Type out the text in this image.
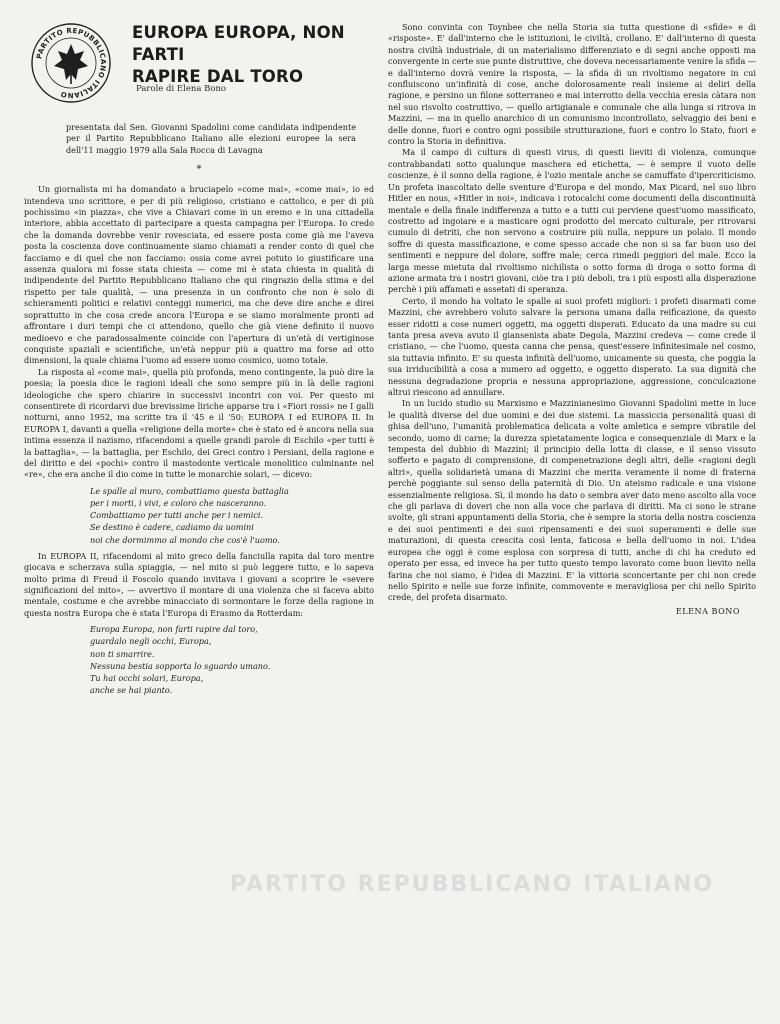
PARTITO REPUBBLICANO ITALIANO
EUROPA EUROPA, NON FARTI
RAPIRE DAL TORO
Parole di Elena Bono

presentata dal Sen. Giovanni Spadolini come candidata indipendente per il Partito Repubblicano Italiano alle elezioni europee la sera dell'11 maggio 1979 alla Sala Rocca di Lavagna

*

Un giornalista mi ha domandato a bruciapelo «come mai», «come mai», io ed intendeva uno scrittore, e per di più religioso, cristiano e cattolico, e per di più pochissimo «in piazza», che vive a Chiavari come in un eremo e in una cittadella interiore, abbia accettato di partecipare a questa campagna per l'Europa. Io credo che la domanda dovrebbe venir rovesciata, ed essere posta come già me l'aveva posta la coscienza dove continuamente siamo chiamati a render conto di quel che facciamo e di quel che non facciamo: ossia come avrei potuto io giustificare una assenza qualora mi fosse stata chiesta — come mi è stata chiesta in qualità di indipendente del Partito Repubblicano Italiano che qui ringrazio della stima e del rispetto per tale qualità, — una presenza in un confronto che non è solo di schieramenti politici e relativi conteggi numerici, ma che deve dire anche e direi soprattutto in che cosa crede ancora l'Europa e se siamo moralmente pronti ad affrontare i duri tempi che ci attendono, quello che già viene definito il nuovo medioevo e che paradossalmente coincide con l'apertura di un'età di vertiginose conquiste spaziali e scientifiche, un'età neppur più a quattro ma forse ad otto dimensioni, la quale chiama l'uomo ad essere uomo cosmico, uomo totale.

La risposta al «come mai», quella più profonda, meno contingente, la può dire la poesia; la poesia dice le ragioni ideali che sono sempre più in là delle ragioni ideologiche che spero chiarire in successivi incontri con voi. Per questo mi consentirete di ricordarvi due brevissime liriche apparse tra i «Fiori rossi» ne I galli notturni, anno 1952, ma scritte tra il '45 e il '50: EUROPA I ed EUROPA II. In EUROPA I, davanti a quella «religione della morte» che è stato ed è ancora nella sua intima essenza il nazismo, rifacendomi a quelle grandi parole di Eschilo «per tutti è la battaglia», — la battaglia, per Eschilo, dei Greci contro i Persiani, della ragione e del diritto e dei «pochi» contro il mastodonte verticale monolitico culminante nel «re», che era anche il dio come in tutte le monarchie solari, — dicevo:

Le spalle al muro, combattiamo questa battaglia
per i morti, i vivi, e coloro che nasceranno.
Combattiamo per tutti anche per i nemici.
Se destino è cadere, cadiamo da uomini
noi che dormimmo al mondo che cos'è l'uomo.

In EUROPA II, rifacendomi al mito greco della fanciulla rapita dal toro mentre giocava e scherzava sulla spiaggia, — nel mito si può leggere tutto, e lo sapeva molto prima di Freud il Foscolo quando invitava i giovani a scoprire le «severe significazioni del mito», — avvertivo il montare di una violenza che si faceva abito mentale, costume e che avrebbe minacciato di sormontare le forze della ragione in questa nostra Europa che è stata l'Europa di Erasmo da Rotterdam:

Europa Europa, non farti rapire dal toro,
guardalo negli occhi, Europa,
non ti smarrire.
Nessuna bestia sopporta lo sguardo umano.
Tu hai occhi solari, Europa,
anche se hai pianto.

Sono convinta con Toynbee che nella Storia sia tutta questione di «sfide» e di «risposte». E' dall'interno che le istituzioni, le civiltà, crollano. E' dall'interno di questa nostra civiltà industriale, di un materialismo differenziato e di segni anche opposti ma convergente in certe sue punte distruttive, che doveva necessariamente venire la sfida — e dall'interno dovrà venire la risposta, — la sfida di un rivoltismo negatore in cui confluiscono un'infinità di cose, anche dolorosamente reali insieme ai deliri della ragione, e persino un filone sotterraneo e mai interrotto della vecchia eresia càtara non nel suo risvolto costruttivo, — quello artigianale e comunale che alla lunga si ritrova in Mazzini, — ma in quello anarchico di un comunismo incontrollato, selvaggio dei beni e delle donne, fuori e contro ogni possibile strutturazione, fuori e contro lo Stato, fuori e contro la Storia in definitiva.

Ma il campo di cultura di questi virus, di questi lieviti di violenza, comunque contrabbandati sotto qualunque maschera ed etichetta, — è sempre il vuoto delle coscienze, è il sonno della ragione, è l'ozio mentale anche se camuffato d'ipercriticismo. Un profeta inascoltato delle sventure d'Europa e del mondo, Max Picard, nel suo libro Hitler en nous, «Hitler in noi», indicava i rotocalchi come documenti della discontinuità mentale e della finale indifferenza a tutto e a tutti cui perviene quest'uomo massificato, costretto ad ingoiare e a masticare ogni prodotto del mercato culturale, per ritrovarsi cumulo di detriti, che non servono a costruire più nulla, neppure un polaio. Il mondo soffre di questa massificazione, e come spesso accade che non si sa far buon uso dei sentimenti e neppure del dolore, soffre male; cerca rimedi peggiori del male. Ecco la larga messe mietuta dal rivoltismo nichilista o sotto forma di droga o sotto forma di azione armata tra i nostri giovani, ciòe tra i più deboli, tra i più esposti alla disperazione perchè i più affamati e assetati di speranza.

Certo, il mondo ha voltato le spalle ai suoi profeti migliori: i profeti disarmati come Mazzini, che avrebbero voluto salvare la persona umana dalla reificazione, da questo esser ridotti a cose numeri oggetti, ma oggetti disperati. Educato da una madre su cui tanta presa aveva avuto il giansenista abate Degola, Mazzini credeva — come crede il cristiano, — che l'uomo, questa canna che pensa, quest'essere infinitesimale nel cosmo, sia tuttavia infinito. E' su questa infinità dell'uomo, unicamente su questa, che poggia la sua irriducibilità a cosa a numero ad oggetto, e oggetto disperato. La sua dignità che nessuna degradazione propria e nessuna appropriazione, aggressione, conculcazione altrui riescono ad annullare.

In un lucido studio su Marxismo e Mazzinianesimo Giovanni Spadolini mette in luce le qualità diverse del due uomini e dei due sistemi. La massiccia personalità quasi di ghisa dell'uno, l'umanità problematica delicata a volte amletica e sempre vibratile del secondo, uomo di carne; la durezza spietatamente logica e consequenziale di Marx e la tempesta del dubbio di Mazzini; il principio della lotta di classe, e il senso vissuto sofferto e pagato di comprensione, di compenetrazione degli altri, delle «ragioni degli altri», quella solidarietà umana di Mazzini che merita veramente il nome di fraterna perchè poggiante sul senso della paternità di Dio. Un ateismo radicale e una visione essenzialmente religiosa. Sì, il mondo ha dato o sembra aver dato meno ascolto alla voce che gli parlava di doveri che non alla voce che parlava di diritti. Ma ci sono le strane svolte, gli strani appuntamenti della Storia, che è sempre la storia della nostra coscienza e dei suoi pentimenti e dei suoi ripensamenti e dei suoi superamenti e delle sue maturazioni, di questa crescita così lenta, faticosa e bella dell'uomo in noi. L'idea europea che oggi è come esplosa con sorpresa di tutti, anche di chi ha creduto ed operato per essa, ed invece ha per tutto questo tempo lavorato come buon lievito nella farina che noi siamo, è l'idea di Mazzini. E' la vittoria sconcertante per chi non crede nello Spirito e nelle sue forze infinite, commovente e meravigliosa per chi nello Spirito crede, del profeta disarmato.

ELENA BONO
PARTITO REPUBBLICANO ITALIANO
